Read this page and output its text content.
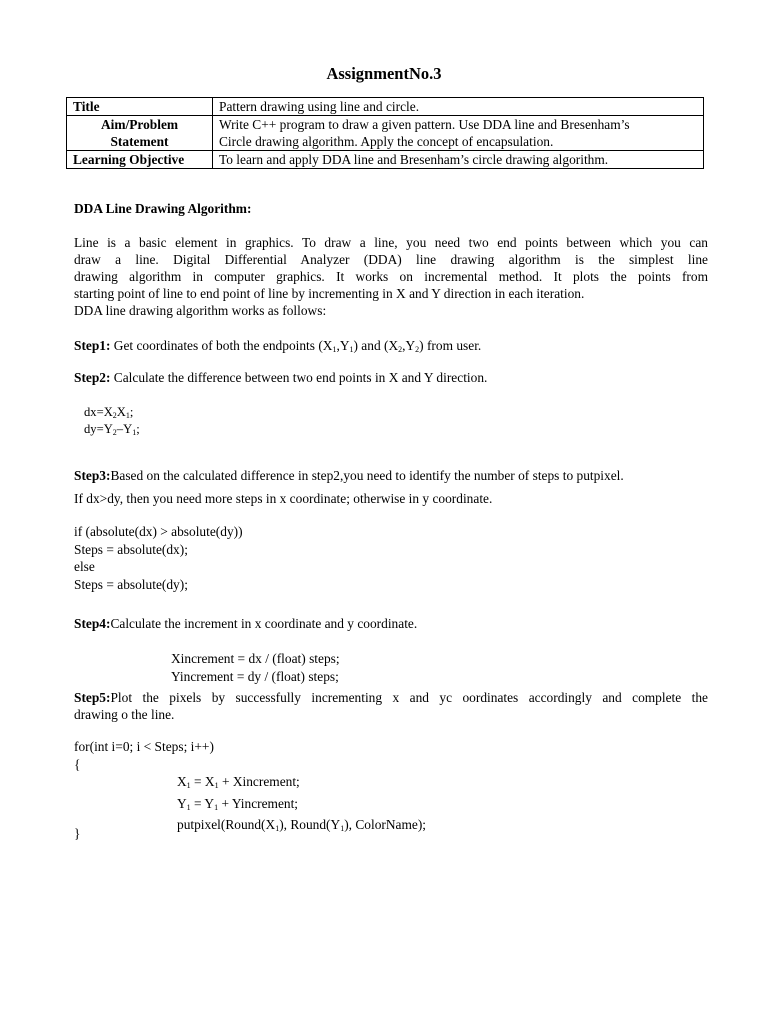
AssignmentNo.3
Title	Pattern drawing using line and circle.
Aim/Problem
Statement	Write C++ program to draw a given pattern. Use DDA line and Bresenham’s
Circle drawing algorithm. Apply the concept of encapsulation.
Learning Objective	To learn and apply DDA line and Bresenham’s circle drawing algorithm.
DDA Line Drawing Algorithm:
Line is a basic element in graphics. To draw a line, you need two end points between which you can
draw a line. Digital Differential Analyzer (DDA) line drawing algorithm is the simplest line
drawing algorithm in computer graphics. It works on incremental method. It plots the points from
starting point of line to end point of line by incrementing in X and Y direction in each iteration.
DDA line drawing algorithm works as follows:
Step1: Get coordinates of both the endpoints $(X_1,Y_1)$ and $(X_2,Y_2)$ from user.
Step2: Calculate the difference between two end points in X and Y direction.
$dx=X_2X_1$;
$dy=Y_2-Y_1$;
Step3:Based on the calculated difference in step2,you need to identify the number of steps to putpixel.
If dx>dy, then you need more steps in x coordinate; otherwise in y coordinate.
if (absolute(dx) > absolute(dy))
Steps = absolute(dx);
else
Steps = absolute(dy);
Step4:Calculate the increment in x coordinate and y coordinate.
Xincrement = dx / (float) steps;
Yincrement = dy / (float) steps;
Step5:Plot the pixels by successfully incrementing x and yc oordinates accordingly and complete the
drawing o the line.
for(int i=0; i < Steps; i++)
{
$X_1 = X_1$ + Xincrement;
$Y_1 = Y_1$ + Yincrement;
$putpixel(Round(X_1)$, $Round(Y_1)$, ColorName);
}
